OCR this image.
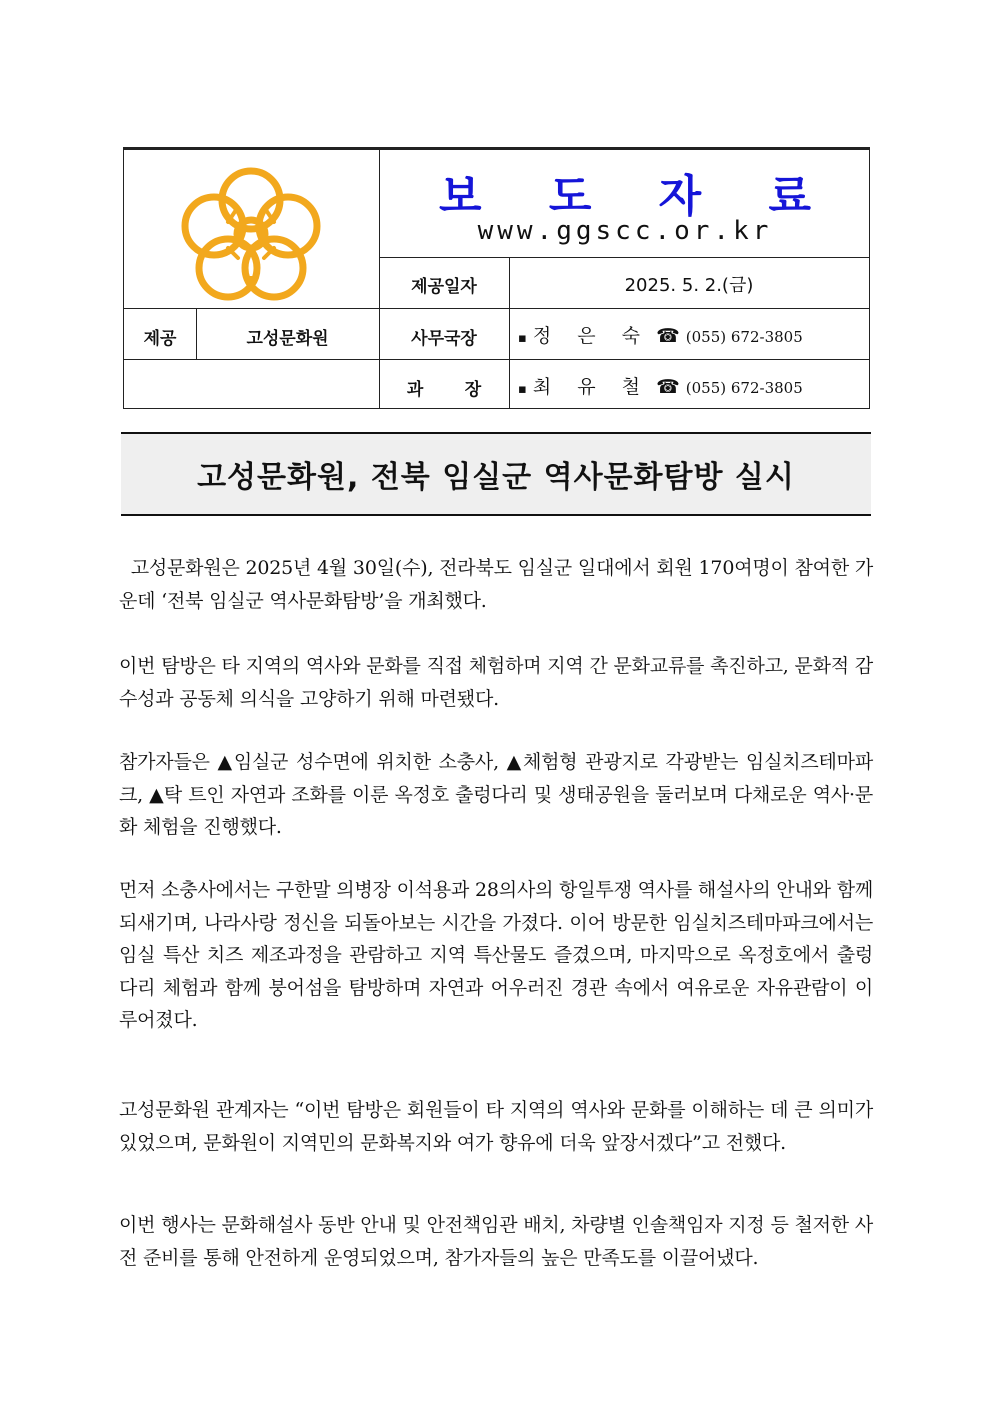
보 도 자 료
www.ggscc.or.kr
제공일자	2025. 5. 2.(금)
제공	고성문화원	사무국장	▪ 정 은 숙 ☎ (055) 672-3805
과       장	▪ 최 유 철 ☎ (055) 672-3805
고성문화원, 전북 임실군 역사문화탐방 실시
고성문화원은 2025년 4월 30일(수), 전라북도 임실군 일대에서 회원 170여명이 참여한 가운데 ‘전북 임실군 역사문화탐방’을 개최했다.
이번 탐방은 타 지역의 역사와 문화를 직접 체험하며 지역 간 문화교류를 촉진하고, 문화적 감수성과 공동체 의식을 고양하기 위해 마련됐다.
참가자들은 ▲임실군 성수면에 위치한 소충사, ▲체험형 관광지로 각광받는 임실치즈테마파크, ▲탁 트인 자연과 조화를 이룬 옥정호 출렁다리 및 생태공원을 둘러보며 다채로운 역사·문화 체험을 진행했다.
먼저 소충사에서는 구한말 의병장 이석용과 28의사의 항일투쟁 역사를 해설사의 안내와 함께 되새기며, 나라사랑 정신을 되돌아보는 시간을 가졌다. 이어 방문한 임실치즈테마파크에서는 임실 특산 치즈 제조과정을 관람하고 지역 특산물도 즐겼으며, 마지막으로 옥정호에서 출렁다리 체험과 함께 붕어섬을 탐방하며 자연과 어우러진 경관 속에서 여유로운 자유관람이 이루어졌다.
고성문화원 관계자는 “이번 탐방은 회원들이 타 지역의 역사와 문화를 이해하는 데 큰 의미가 있었으며, 문화원이 지역민의 문화복지와 여가 향유에 더욱 앞장서겠다”고 전했다.
이번 행사는 문화해설사 동반 안내 및 안전책임관 배치, 차량별 인솔책임자 지정 등 철저한 사전 준비를 통해 안전하게 운영되었으며, 참가자들의 높은 만족도를 이끌어냈다.
